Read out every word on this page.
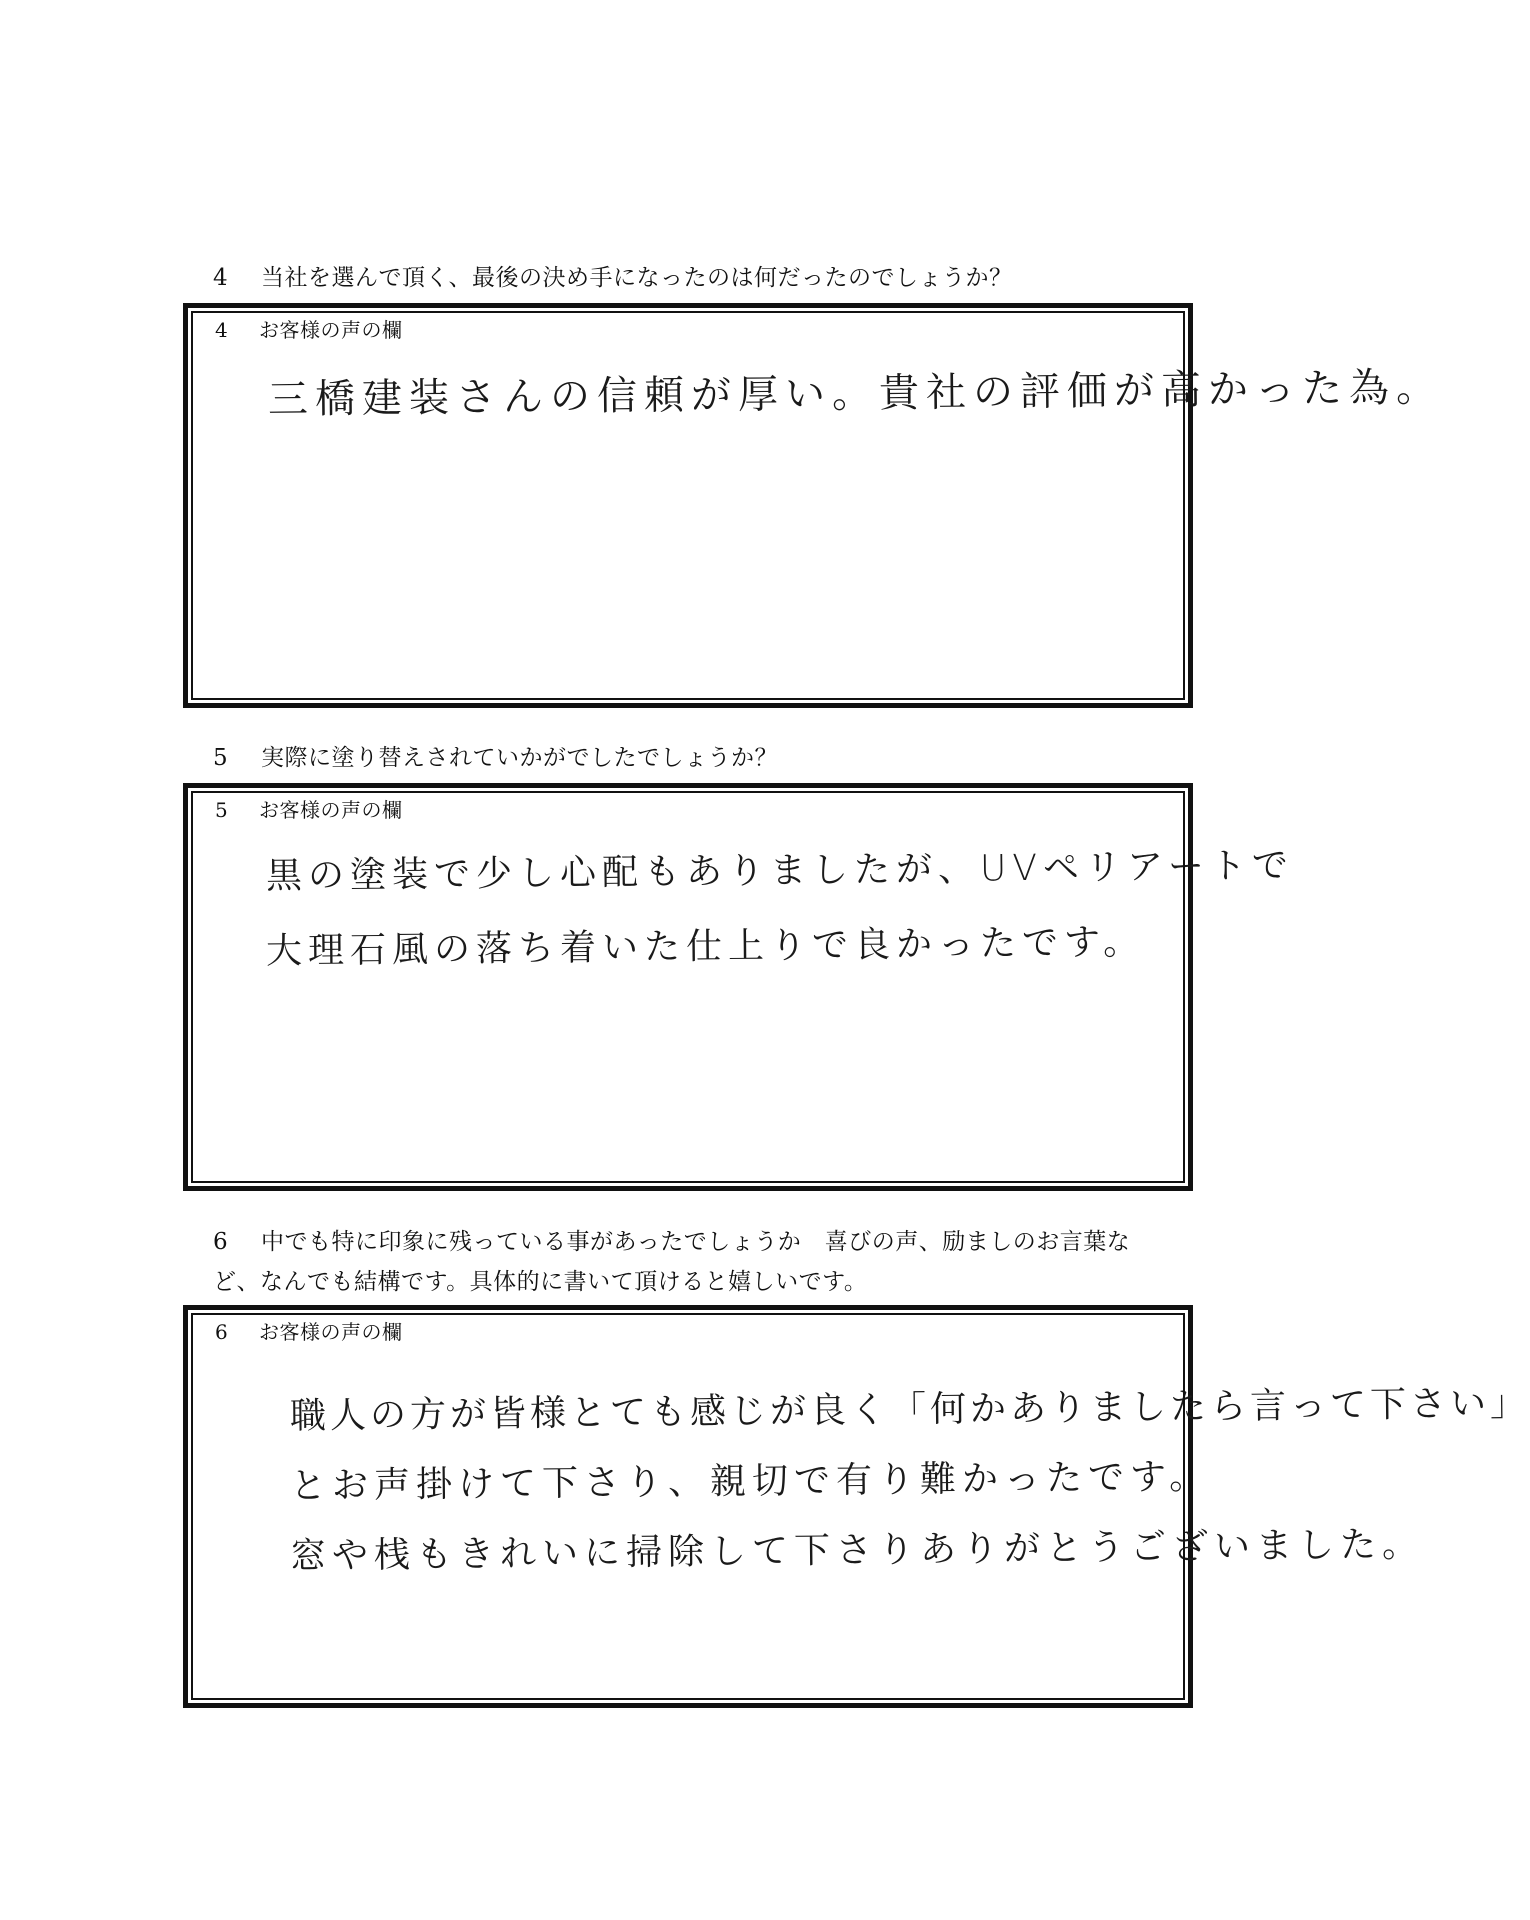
4 当社を選んで頂く、最後の決め手になったのは何だったのでしょうか？
4 お客様の声の欄
三橋建装さんの信頼が厚い。貴社の評価が高かった為。
5 実際に塗り替えされていかがでしたでしょうか？
5 お客様の声の欄
黒の塗装で少し心配もありましたが、UVペリアートで
大理石風の落ち着いた仕上りで良かったです。
6 中でも特に印象に残っている事があったでしょうか　喜びの声、励ましのお言葉な
ど、なんでも結構です。具体的に書いて頂けると嬉しいです。
6 お客様の声の欄
職人の方が皆様とても感じが良く「何かありましたら言って下さい」
とお声掛けて下さり、親切で有り難かったです。
窓や桟もきれいに掃除して下さりありがとうございました。
